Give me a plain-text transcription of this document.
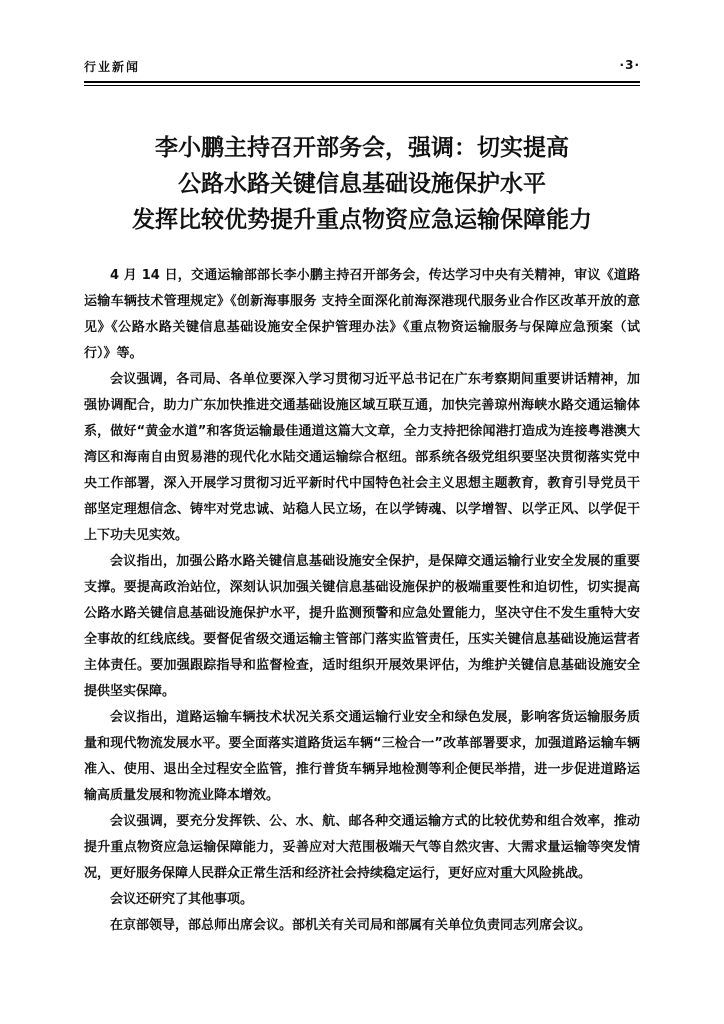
行业新闻	·3·
李小鹏主持召开部务会，强调：切实提高
公路水路关键信息基础设施保护水平
发挥比较优势提升重点物资应急运输保障能力

4 月 14 日，交通运输部部长李小鹏主持召开部务会，传达学习中央有关精神，审议《道路运输车辆技术管理规定》《创新海事服务 支持全面深化前海深港现代服务业合作区改革开放的意见》《公路水路关键信息基础设施安全保护管理办法》《重点物资运输服务与保障应急预案（试行）》等。

会议强调，各司局、各单位要深入学习贯彻习近平总书记在广东考察期间重要讲话精神，加强协调配合，助力广东加快推进交通基础设施区域互联互通，加快完善琼州海峡水路交通运输体系，做好“黄金水道”和客货运输最佳通道这篇大文章，全力支持把徐闻港打造成为连接粤港澳大湾区和海南自由贸易港的现代化水陆交通运输综合枢纽。部系统各级党组织要坚决贯彻落实党中央工作部署，深入开展学习贯彻习近平新时代中国特色社会主义思想主题教育，教育引导党员干部坚定理想信念、铸牢对党忠诚、站稳人民立场，在以学铸魂、以学增智、以学正风、以学促干上下功夫见实效。

会议指出，加强公路水路关键信息基础设施安全保护，是保障交通运输行业安全发展的重要支撑。要提高政治站位，深刻认识加强关键信息基础设施保护的极端重要性和迫切性，切实提高公路水路关键信息基础设施保护水平，提升监测预警和应急处置能力，坚决守住不发生重特大安全事故的红线底线。要督促省级交通运输主管部门落实监管责任，压实关键信息基础设施运营者主体责任。要加强跟踪指导和监督检查，适时组织开展效果评估，为维护关键信息基础设施安全提供坚实保障。

会议指出，道路运输车辆技术状况关系交通运输行业安全和绿色发展，影响客货运输服务质量和现代物流发展水平。要全面落实道路货运车辆“三检合一”改革部署要求，加强道路运输车辆准入、使用、退出全过程安全监管，推行普货车辆异地检测等利企便民举措，进一步促进道路运输高质量发展和物流业降本增效。

会议强调，要充分发挥铁、公、水、航、邮各种交通运输方式的比较优势和组合效率，推动提升重点物资应急运输保障能力，妥善应对大范围极端天气等自然灾害、大需求量运输等突发情况，更好服务保障人民群众正常生活和经济社会持续稳定运行，更好应对重大风险挑战。

会议还研究了其他事项。

在京部领导，部总师出席会议。部机关有关司局和部属有关单位负责同志列席会议。
